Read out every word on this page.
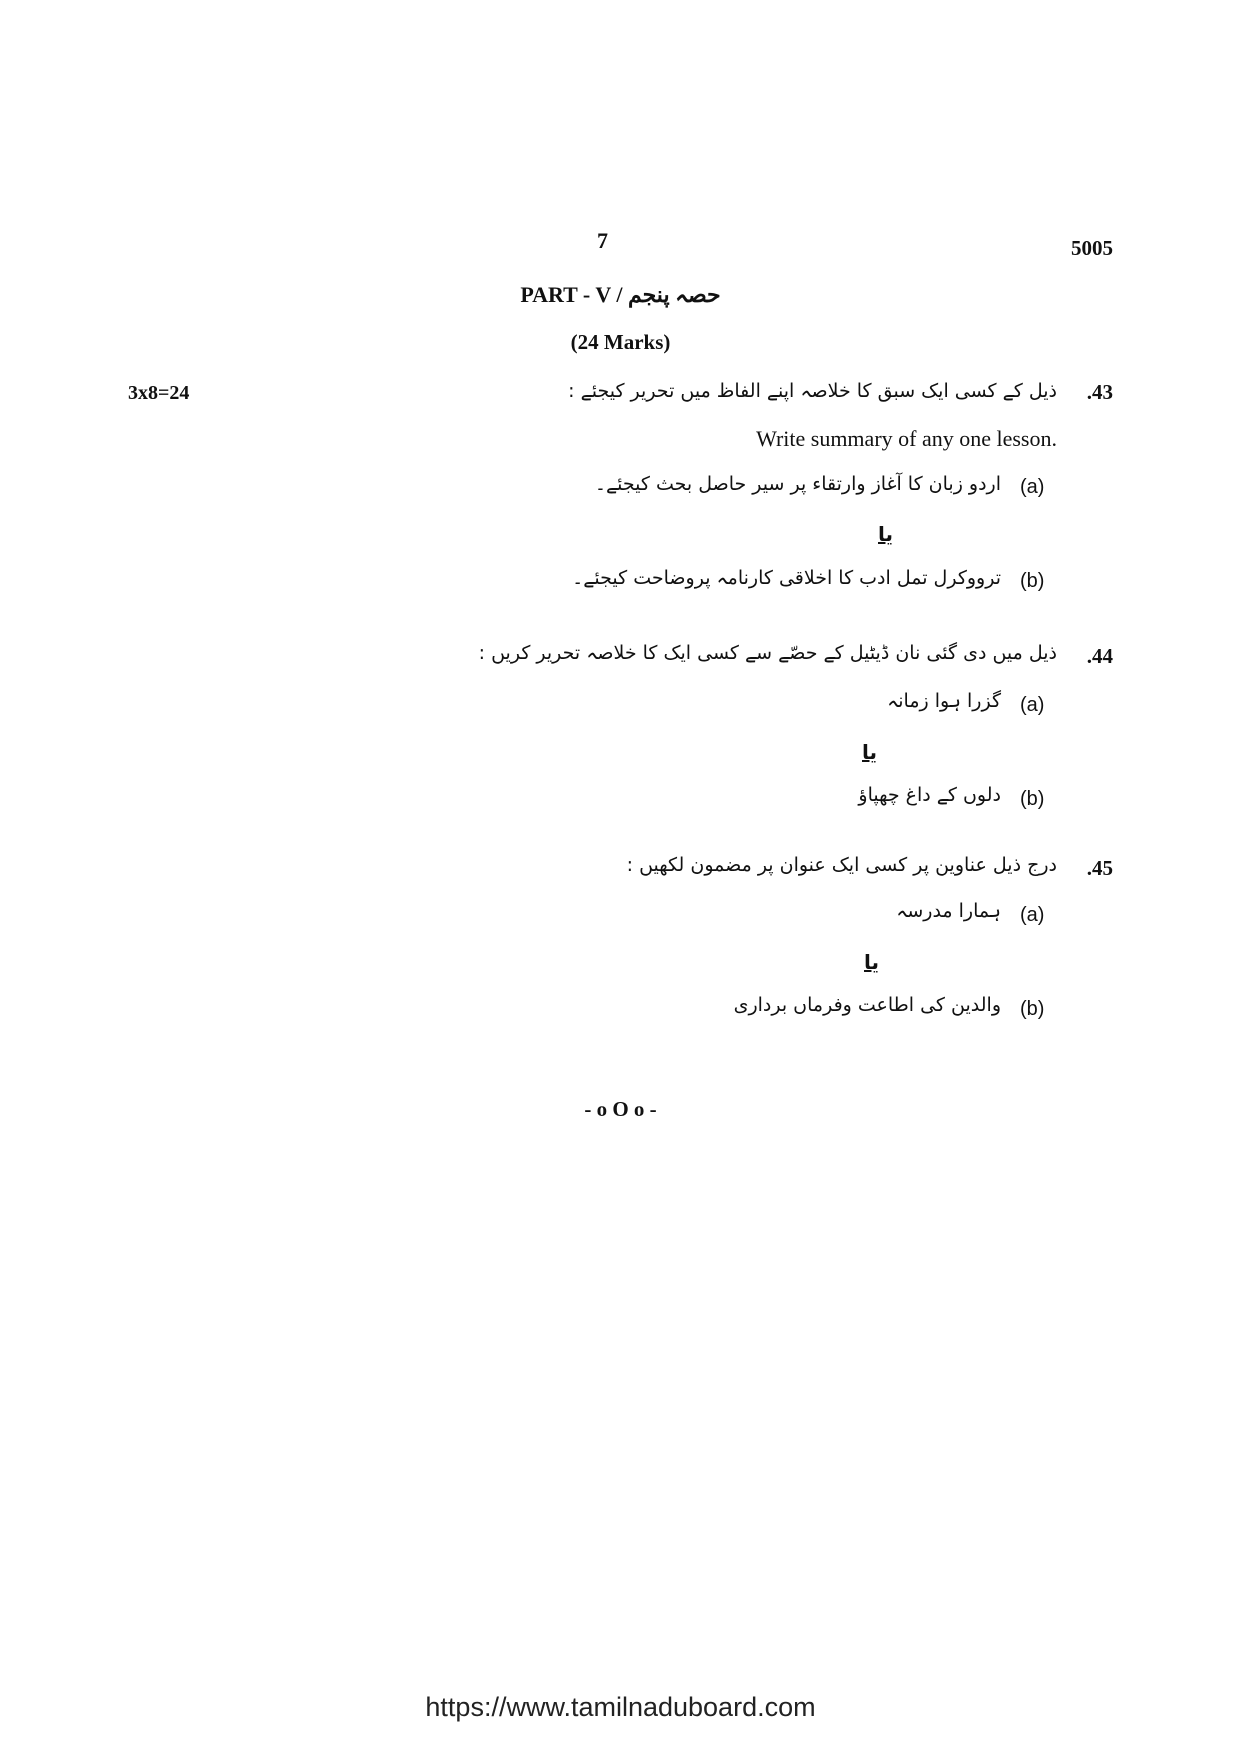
7	5005
PART - V / حصہ پنجم
(24 Marks)
3x8=24	.43
ذیل کے کسی ایک سبق کا خلاصہ اپنے الفاظ میں تحریر کیجئے :
Write summary of any one lesson.
(a)
اردو زبان کا آغاز وارتقاء پر سیر حاصل بحث کیجئے۔
یا
(b)
ترووکرل تمل ادب کا اخلاقی کارنامہ پروضاحت کیجئے۔
.44
ذیل میں دی گئی نان ڈیٹیل کے حصّے سے کسی ایک کا خلاصہ تحریر کریں :
(a)
گزرا ہوا زمانہ
یا
(b)
دلوں کے داغ چھپاؤ
.45
درج ذیل عناوین پر کسی ایک عنوان پر مضمون لکھیں :
(a)
ہمارا مدرسہ
یا
(b)
والدین کی اطاعت وفرماں برداری
- o O o -
https://www.tamilnaduboard.com
